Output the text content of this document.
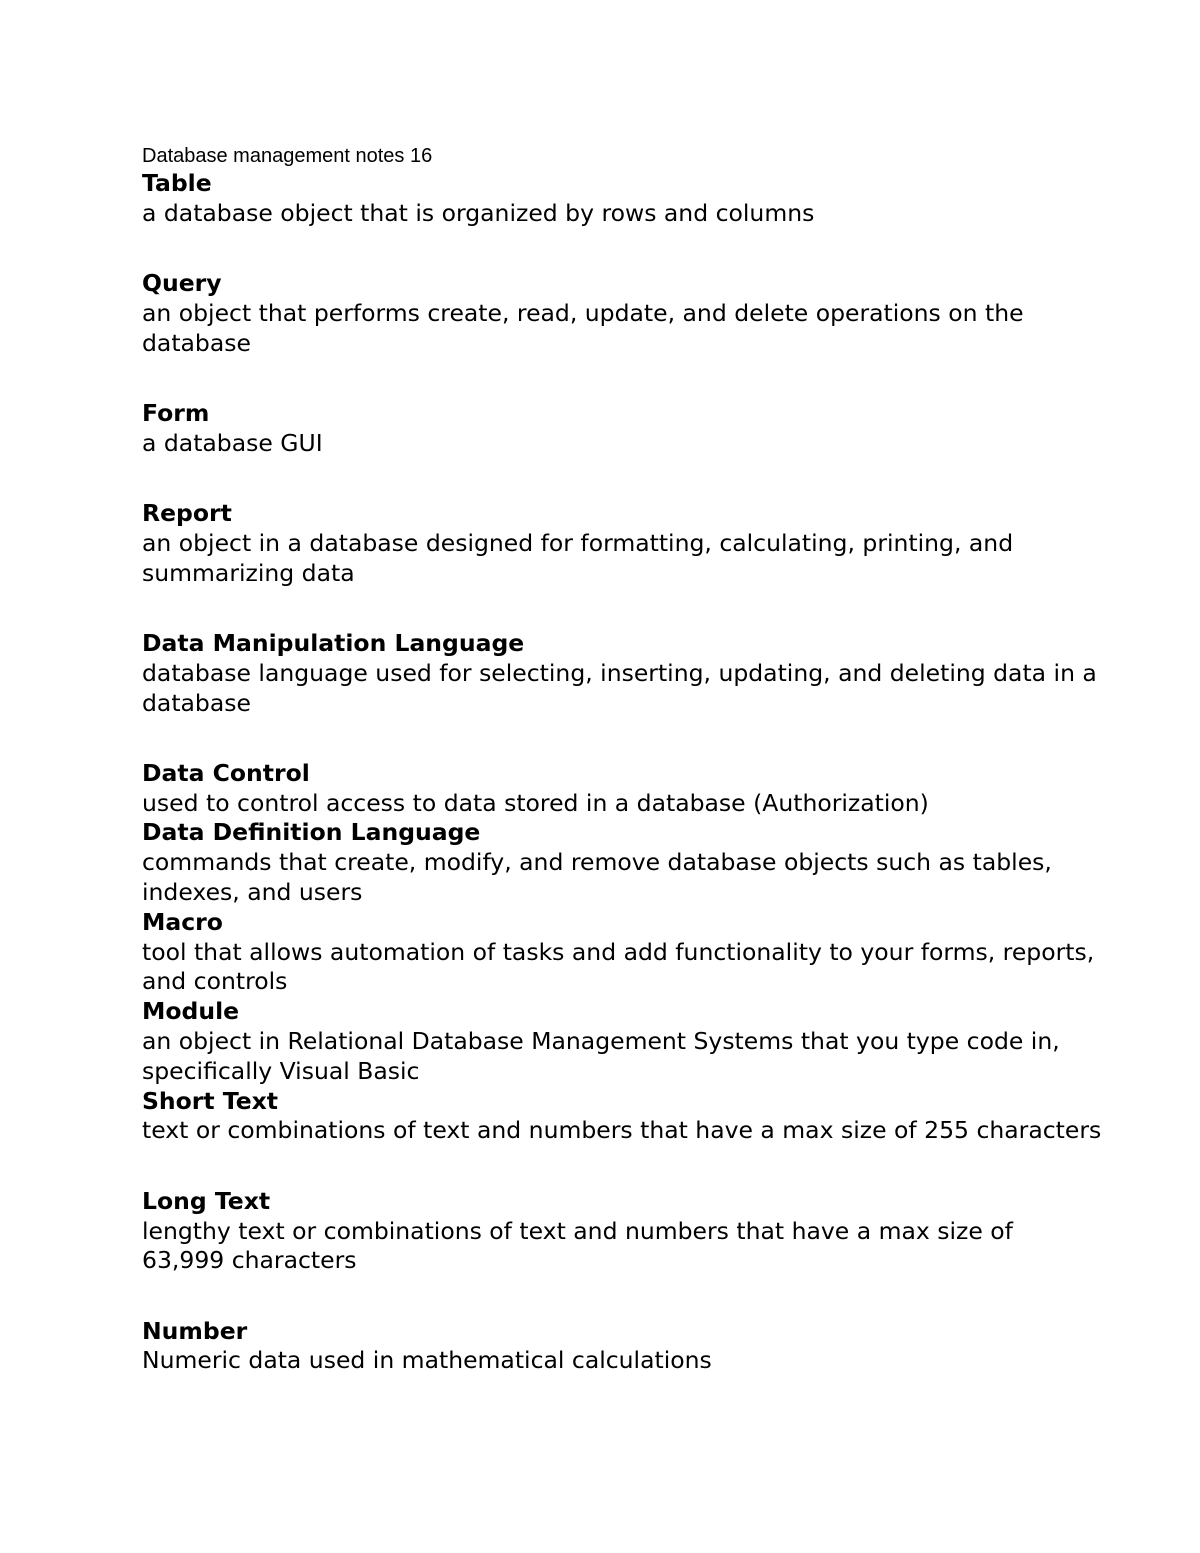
Database management notes 16
Table
a database object that is organized by rows and columns
Query
an object that performs create, read, update, and delete operations on the database
Form
a database GUI
Report
an object in a database designed for formatting, calculating, printing, and summarizing data
Data Manipulation Language
database language used for selecting, inserting, updating, and deleting data in a database
Data Control
used to control access to data stored in a database (Authorization)
Data Definition Language
commands that create, modify, and remove database objects such as tables, indexes, and users
Macro
tool that allows automation of tasks and add functionality to your forms, reports, and controls
Module
an object in Relational Database Management Systems that you type code in, specifically Visual Basic
Short Text
text or combinations of text and numbers that have a max size of 255 characters
Long Text
lengthy text or combinations of text and numbers that have a max size of 63,999 characters
Number
Numeric data used in mathematical calculations
